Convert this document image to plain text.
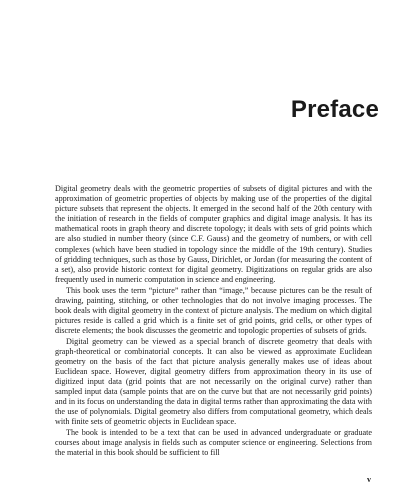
Preface

Digital geometry deals with the geometric properties of subsets of digital pictures and with the approximation of geometric properties of objects by making use of the properties of the digital picture subsets that represent the objects. It emerged in the second half of the 20th century with the initiation of research in the fields of computer graphics and digital image analysis. It has its mathematical roots in graph theory and discrete topology; it deals with sets of grid points which are also studied in number theory (since C.F. Gauss) and the geometry of numbers, or with cell complexes (which have been studied in topology since the middle of the 19th century). Studies of gridding techniques, such as those by Gauss, Dirichlet, or Jordan (for measuring the content of a set), also provide historic context for digital geometry. Digitizations on regular grids are also frequently used in numeric computation in science and engineering.

This book uses the term “picture” rather than “image,” because pictures can be the result of drawing, painting, stitching, or other technologies that do not involve imaging processes. The book deals with digital geometry in the context of picture analysis. The medium on which digital pictures reside is called a grid which is a finite set of grid points, grid cells, or other types of discrete elements; the book discusses the geometric and topologic properties of subsets of grids.

Digital geometry can be viewed as a special branch of discrete geometry that deals with graph-theoretical or combinatorial concepts. It can also be viewed as approximate Euclidean geometry on the basis of the fact that picture analysis generally makes use of ideas about Euclidean space. However, digital geometry differs from approximation theory in its use of digitized input data (grid points that are not necessarily on the original curve) rather than sampled input data (sample points that are on the curve but that are not necessarily grid points) and in its focus on understanding the data in digital terms rather than approximating the data with the use of polynomials. Digital geometry also differs from computational geometry, which deals with finite sets of geometric objects in Euclidean space.

The book is intended to be a text that can be used in advanced undergraduate or graduate courses about image analysis in fields such as computer science or engineering. Selections from the material in this book should be sufficient to fill

v
